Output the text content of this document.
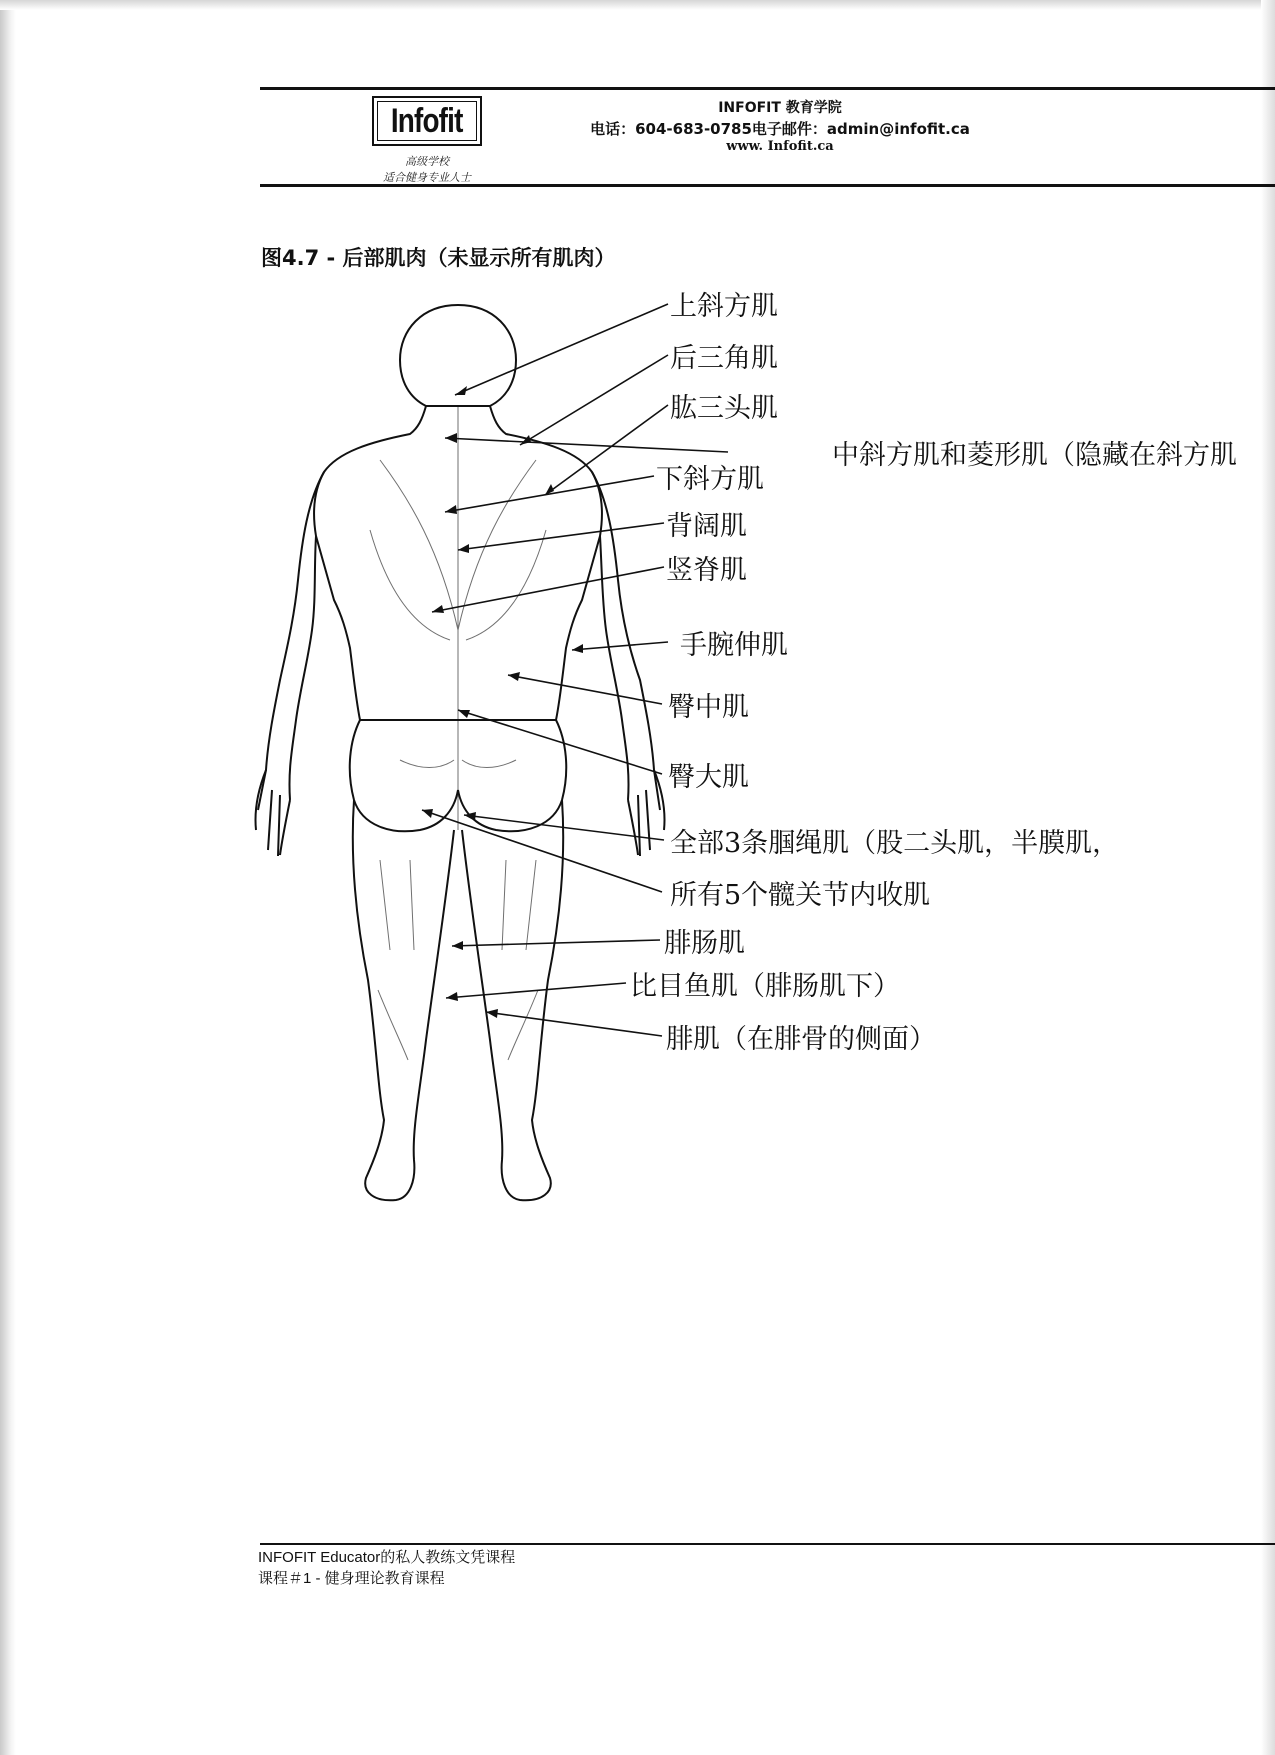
Infofit
高级学校
适合健身专业人士
INFOFIT 教育学院
电话：604-683-0785电子邮件：admin@infofit.ca
www. Infofit.ca
图4.7 - 后部肌肉（未显示所有肌肉）
上斜方肌
后三角肌
肱三头肌
中斜方肌和菱形肌（隐藏在斜方肌
下斜方肌
背阔肌
竖脊肌
手腕伸肌
臀中肌
臀大肌
全部3条腘绳肌（股二头肌，半膜肌，
所有5个髋关节内收肌
腓肠肌
比目鱼肌（腓肠肌下）
腓肌（在腓骨的侧面）
INFOFIT Educator的私人教练文凭课程
课程＃1 - 健身理论教育课程
